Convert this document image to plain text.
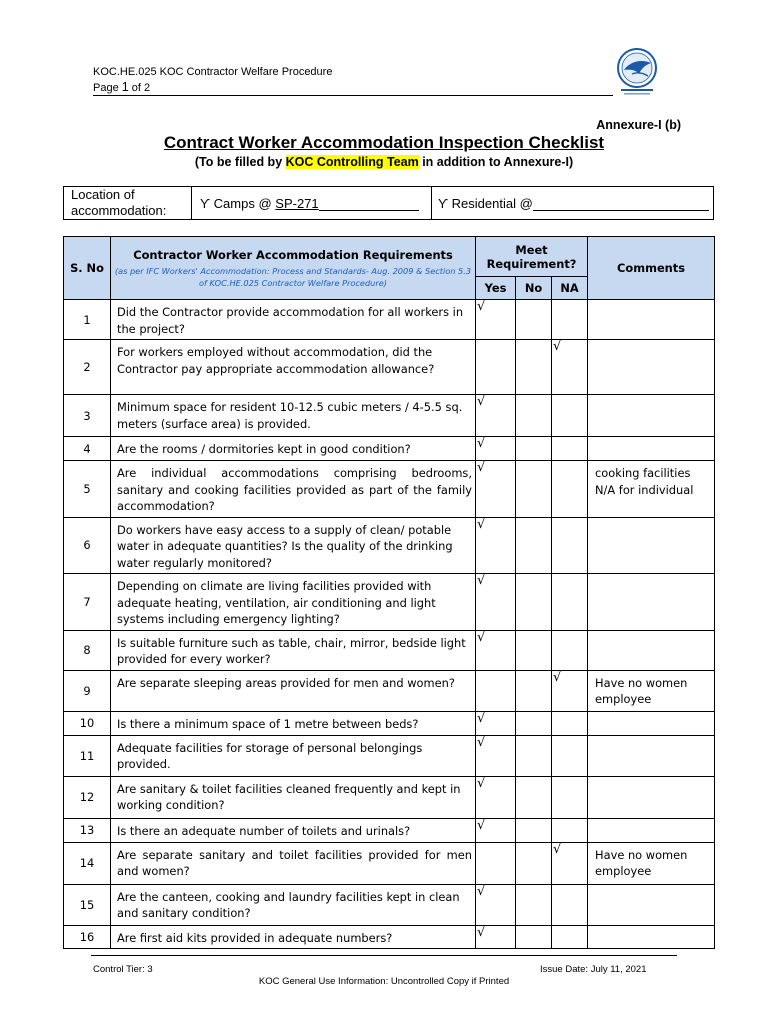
KOC.HE.025 KOC Contractor Welfare Procedure
Page 1 of 2
Annexure-I (b)
Contract Worker Accommodation Inspection Checklist
(To be filled by KOC Controlling Team in addition to Annexure-I)
Location of accommodation:	ϒ Camps @ SP-271	ϒ Residential @
S. No	Contractor Worker Accommodation Requirements
(as per IFC Workers' Accommodation: Process and Standards- Aug. 2009 & Section 5.3 of KOC.HE.025 Contractor Welfare Procedure)	Meet Requirement?			Comments
		Yes	No	NA	
1	Did the Contractor provide accommodation for all workers in the project?	√			
2	For workers employed without accommodation, did the Contractor pay appropriate accommodation allowance?			√	
3	Minimum space for resident 10-12.5 cubic meters / 4-5.5 sq. meters (surface area) is provided.	√			
4	Are the rooms / dormitories kept in good condition?	√			
5	Are individual accommodations comprising bedrooms, sanitary and cooking facilities provided as part of the family accommodation?	√			cooking facilities N/A for individual
6	Do workers have easy access to a supply of clean/ potable water in adequate quantities? Is the quality of the drinking water regularly monitored?	√			
7	Depending on climate are living facilities provided with adequate heating, ventilation, air conditioning and light systems including emergency lighting?	√			
8	Is suitable furniture such as table, chair, mirror, bedside light provided for every worker?	√			
9	Are separate sleeping areas provided for men and women?			√	Have no women employee
10	Is there a minimum space of 1 metre between beds?	√			
11	Adequate facilities for storage of personal belongings provided.	√			
12	Are sanitary & toilet facilities cleaned frequently and kept in working condition?	√			
13	Is there an adequate number of toilets and urinals?	√			
14	Are separate sanitary and toilet facilities provided for men and women?			√	Have no women employee
15	Are the canteen, cooking and laundry facilities kept in clean and sanitary condition?	√			
16	Are first aid kits provided in adequate numbers?	√			
Control Tier: 3	Issue Date: July 11, 2021
KOC General Use Information: Uncontrolled Copy if Printed
